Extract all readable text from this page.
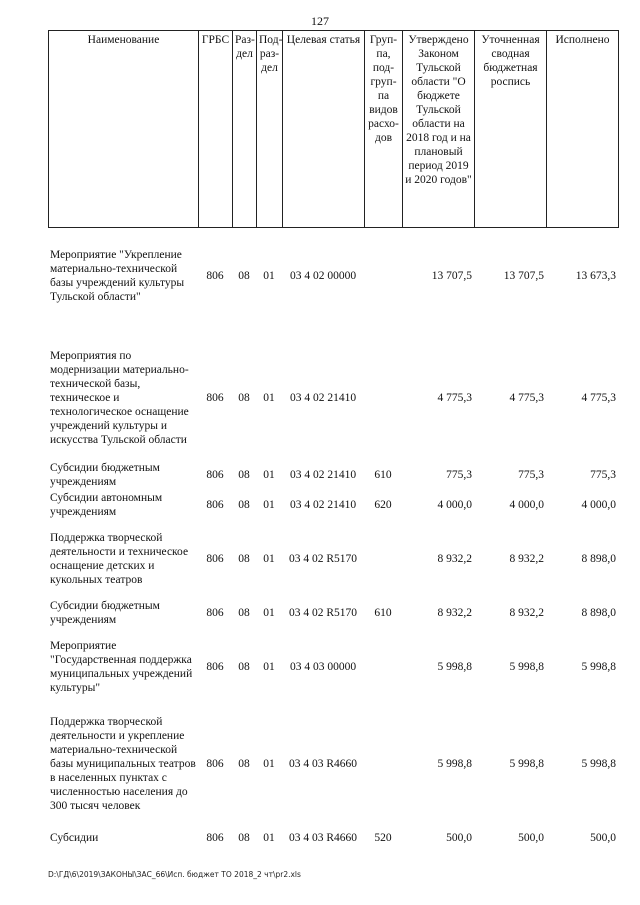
127
Наименование	ГРБС	Раз-дел	Под-раз-дел	Целевая статья	Груп-па, под-груп-па видов расхо-дов	Утверждено Законом Тульской области "О бюджете Тульской области на 2018 год и на плановый период 2019 и 2020 годов"	Уточненная сводная бюджетная роспись	Исполнено
Мероприятие "Укрепление материально-технической базы учреждений культуры Тульской области"	806	08	01	03 4 02 00000		13 707,5	13 707,5	13 673,3

Мероприятия по модернизации материально-технической базы, техническое и технологическое оснащение учреждений культуры и искусства Тульской области	806	08	01	03 4 02 21410		4 775,3	4 775,3	4 775,3

Субсидии бюджетным учреждениям	806	08	01	03 4 02 21410	610	775,3	775,3	775,3
Субсидии автономным учреждениям	806	08	01	03 4 02 21410	620	4 000,0	4 000,0	4 000,0

Поддержка творческой деятельности и техническое оснащение детских и кукольных театров	806	08	01	03 4 02 R5170		8 932,2	8 932,2	8 898,0

Субсидии бюджетным учреждениям	806	08	01	03 4 02 R5170	610	8 932,2	8 932,2	8 898,0

Мероприятие "Государственная поддержка муниципальных учреждений культуры"	806	08	01	03 4 03 00000		5 998,8	5 998,8	5 998,8

Поддержка творческой деятельности и укрепление материально-технической базы муниципальных театров в населенных пунктах с численностью населения до 300 тысяч человек	806	08	01	03 4 03 R4660		5 998,8	5 998,8	5 998,8

Субсидии	806	08	01	03 4 03 R4660	520	500,0	500,0	500,0
D:\ГД\6\2019\ЗАКОНЫ\ЗАС_66\Исп. бюджет ТО 2018_2 чт\pr2.xls
